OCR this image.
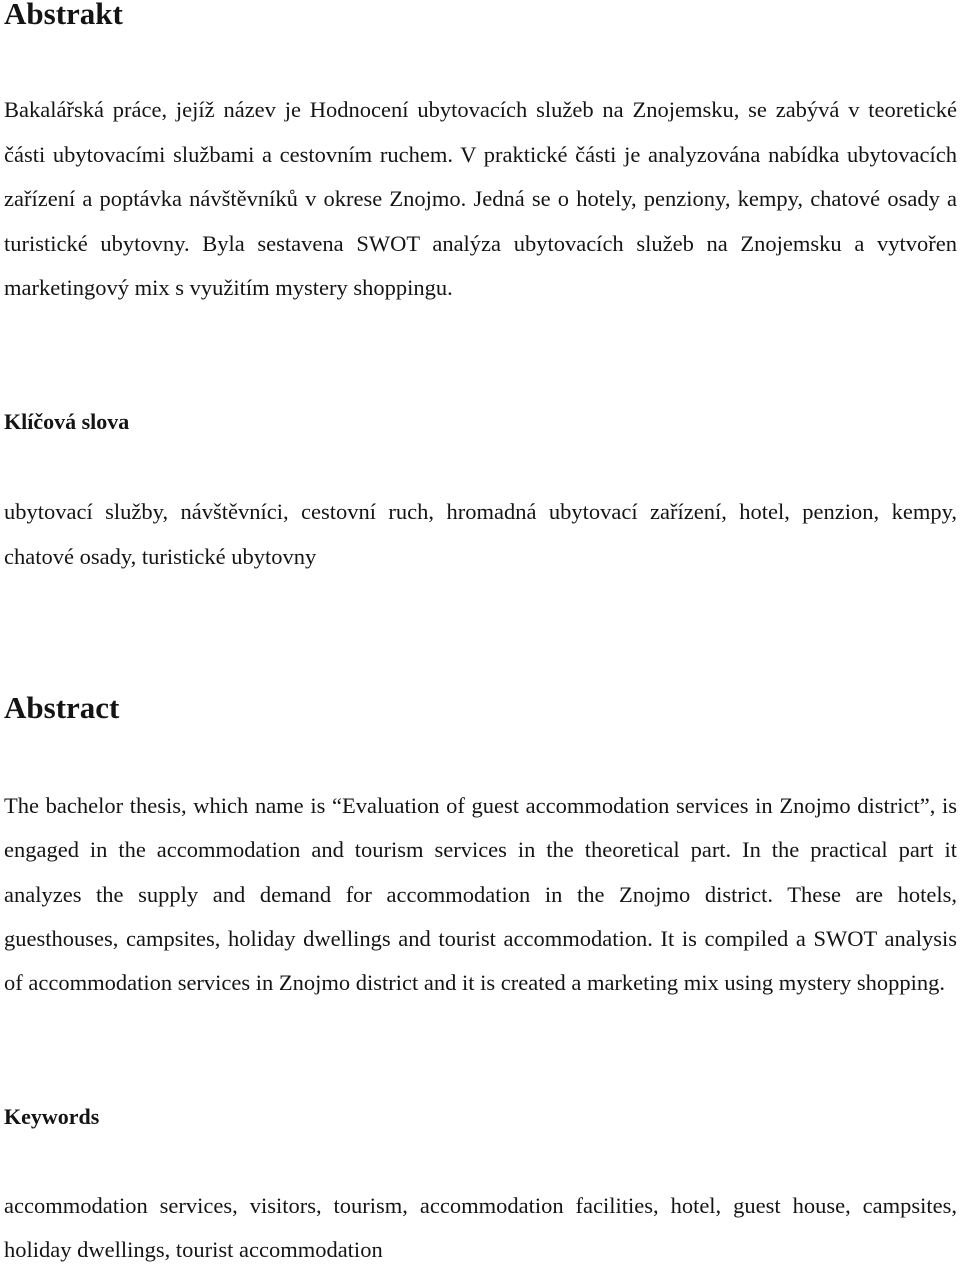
Abstrakt

Bakalářská práce, jejíž název je Hodnocení ubytovacích služeb na Znojemsku, se zabývá v teoretické části ubytovacími službami a cestovním ruchem. V praktické části je analyzována nabídka ubytovacích zařízení a poptávka návštěvníků v okrese Znojmo. Jedná se o hotely, penziony, kempy, chatové osady a turistické ubytovny. Byla sestavena SWOT analýza ubytovacích služeb na Znojemsku a vytvořen marketingový mix s využitím mystery shoppingu.

Klíčová slova

ubytovací služby, návštěvníci, cestovní ruch, hromadná ubytovací zařízení, hotel, penzion, kempy, chatové osady, turistické ubytovny

Abstract

The bachelor thesis, which name is “Evaluation of guest accommodation services in Znojmo district”, is engaged in the accommodation and tourism services in the theoretical part. In the practical part it analyzes the supply and demand for accommodation in the Znojmo district. These are hotels, guesthouses, campsites, holiday dwellings and tourist accommodation. It is compiled a SWOT analysis of accommodation services in Znojmo district and it is created a marketing mix using mystery shopping.

Keywords

accommodation services, visitors, tourism, accommodation facilities, hotel, guest house, campsites, holiday dwellings, tourist accommodation
